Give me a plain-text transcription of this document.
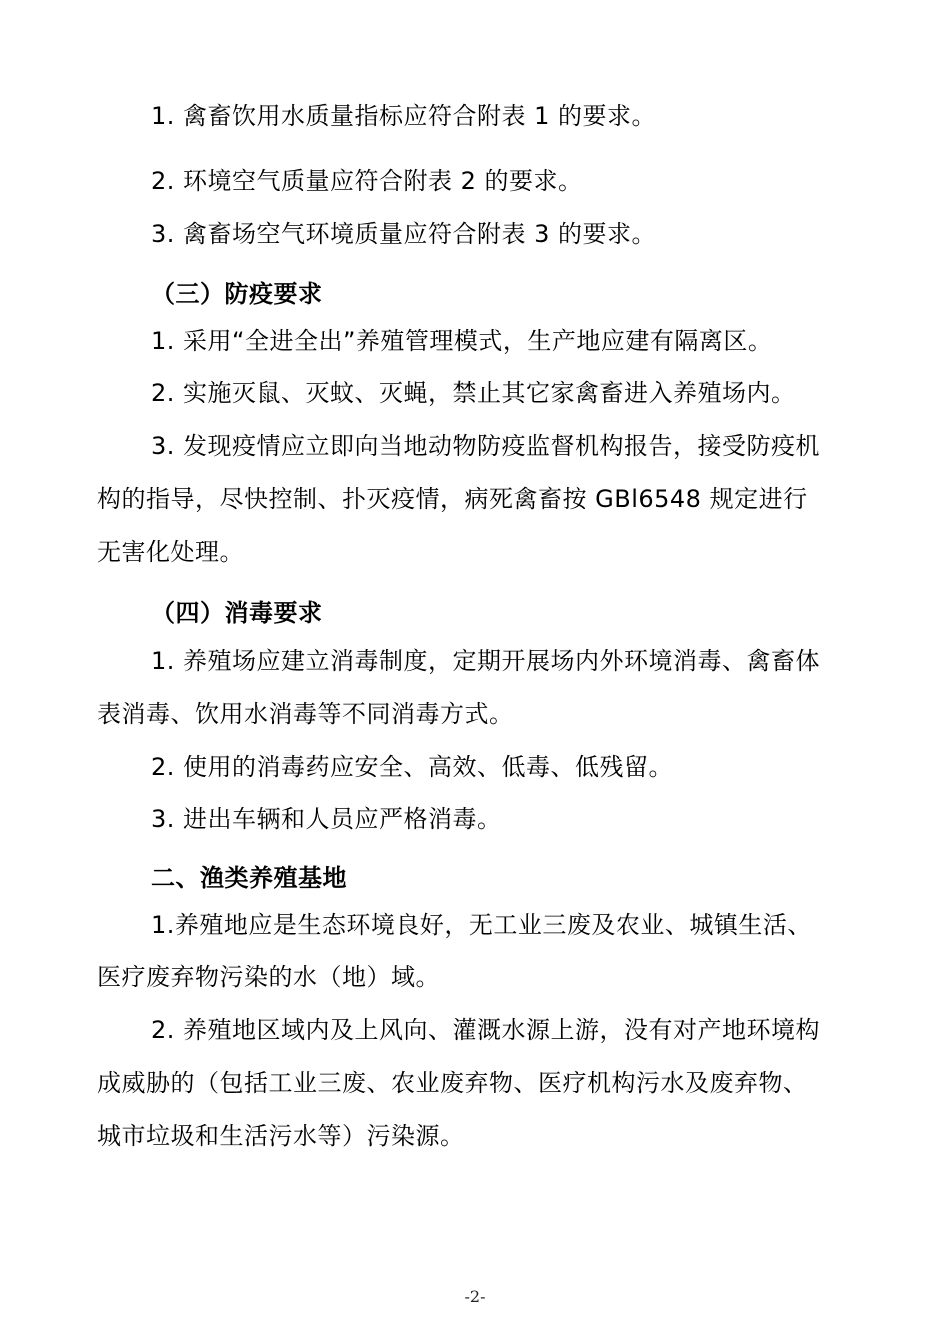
1. 禽畜饮用水质量指标应符合附表 1 的要求。
2. 环境空气质量应符合附表 2 的要求。
3. 禽畜场空气环境质量应符合附表 3 的要求。
（三）防疫要求
1. 采用“全进全出”养殖管理模式，生产地应建有隔离区。
2. 实施灭鼠、灭蚊、灭蝇，禁止其它家禽畜进入养殖场内。
3. 发现疫情应立即向当地动物防疫监督机构报告，接受防疫机
构的指导，尽快控制、扑灭疫情，病死禽畜按 GBl6548 规定进行
无害化处理。
（四）消毒要求
1. 养殖场应建立消毒制度，定期开展场内外环境消毒、禽畜体
表消毒、饮用水消毒等不同消毒方式。
2. 使用的消毒药应安全、高效、低毒、低残留。
3. 进出车辆和人员应严格消毒。
二、渔类养殖基地
1.养殖地应是生态环境良好，无工业三废及农业、城镇生活、
医疗废弃物污染的水（地）域。
2. 养殖地区域内及上风向、灌溉水源上游，没有对产地环境构
成威胁的（包括工业三废、农业废弃物、医疗机构污水及废弃物、
城市垃圾和生活污水等）污染源。
-2-
